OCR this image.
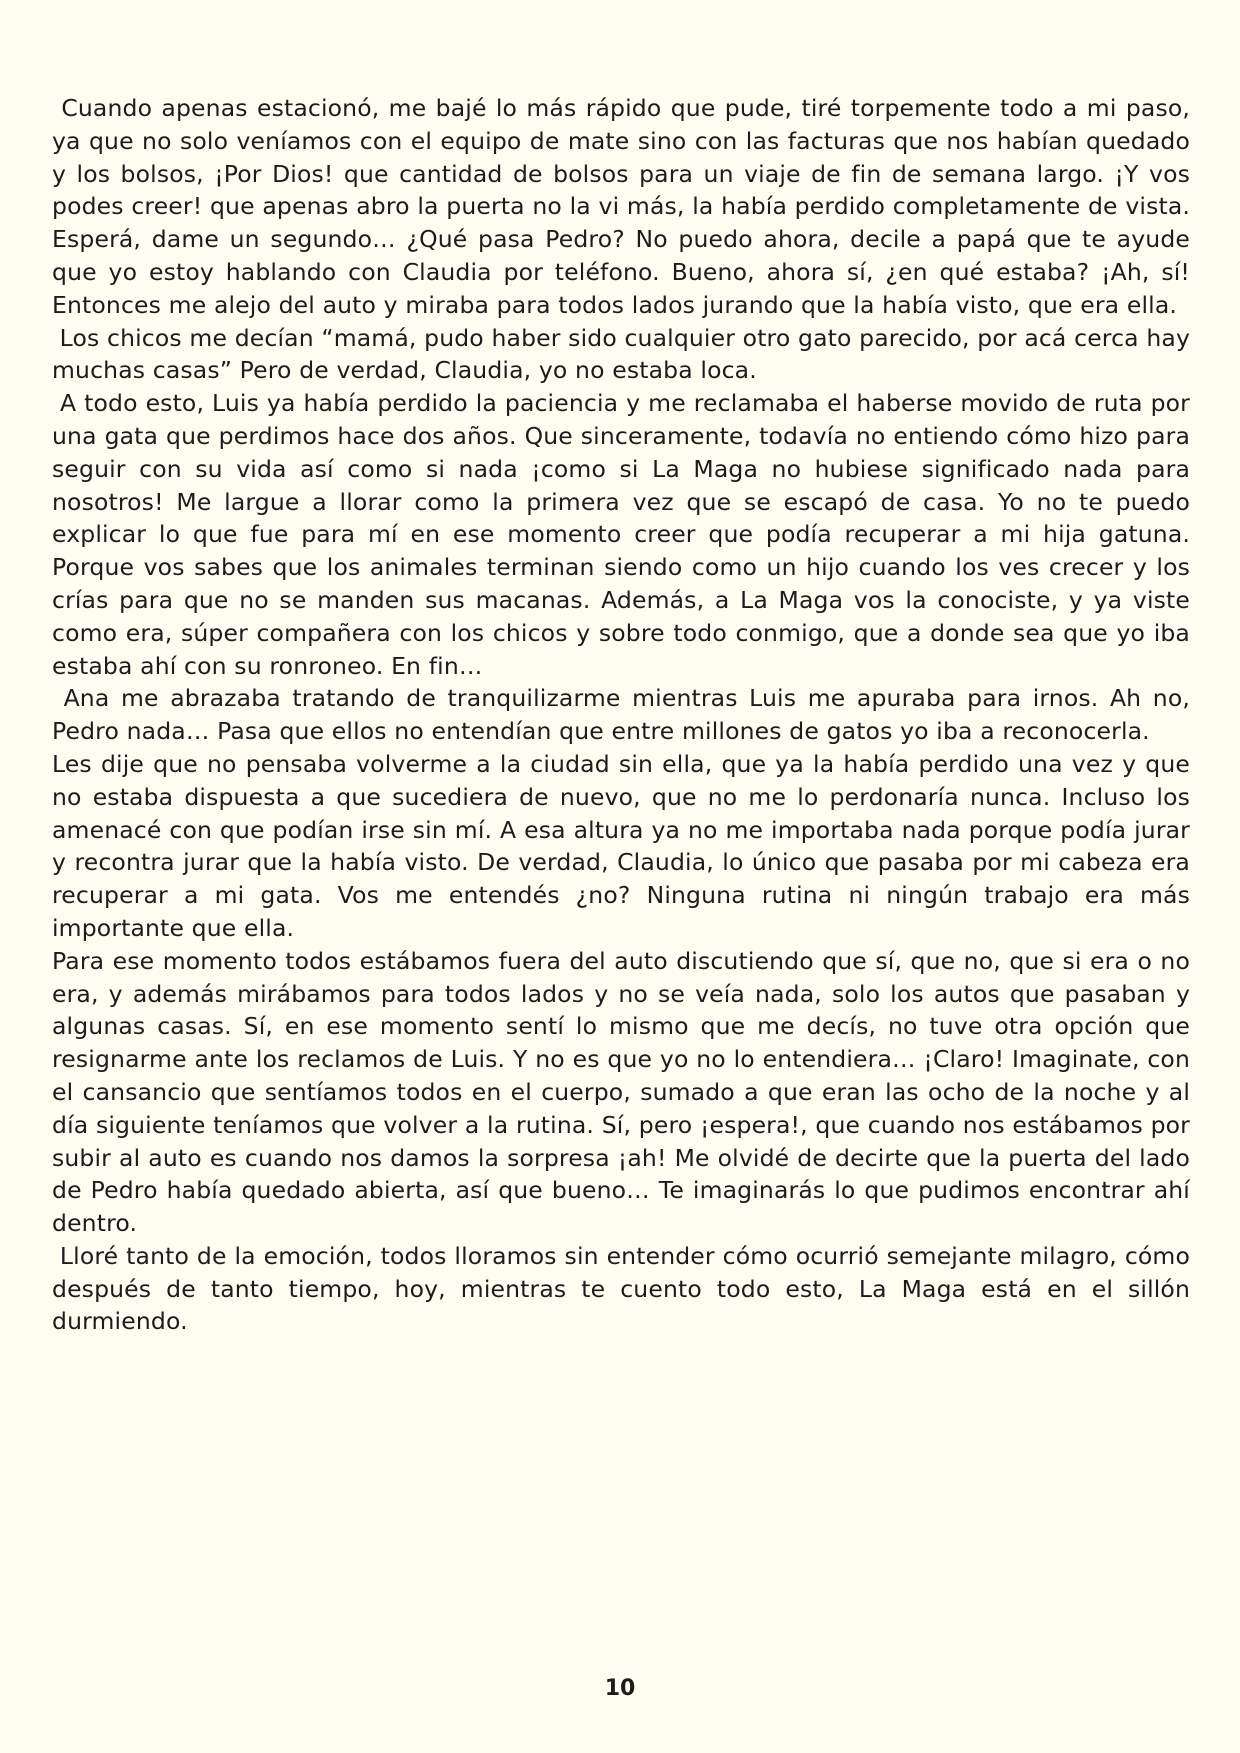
Cuando apenas estacionó, me bajé lo más rápido que pude, tiré torpemente todo a mi paso, ya que no solo veníamos con el equipo de mate sino con las facturas que nos habían quedado y los bolsos, ¡Por Dios! que cantidad de bolsos para un viaje de fin de semana largo. ¡Y vos podes creer! que apenas abro la puerta no la vi más, la había perdido completamente de vista. Esperá, dame un segundo… ¿Qué pasa Pedro? No puedo ahora, decile a papá que te ayude que yo estoy hablando con Claudia por teléfono. Bueno, ahora sí, ¿en qué estaba? ¡Ah, sí! Entonces me alejo del auto y miraba para todos lados jurando que la había visto, que era ella.

Los chicos me decían “mamá, pudo haber sido cualquier otro gato parecido, por acá cerca hay muchas casas” Pero de verdad, Claudia, yo no estaba loca.

A todo esto, Luis ya había perdido la paciencia y me reclamaba el haberse movido de ruta por una gata que perdimos hace dos años. Que sinceramente, todavía no entiendo cómo hizo para seguir con su vida así como si nada ¡como si La Maga no hubiese significado nada para nosotros! Me largue a llorar como la primera vez que se escapó de casa. Yo no te puedo explicar lo que fue para mí en ese momento creer que podía recuperar a mi hija gatuna. Porque vos sabes que los animales terminan siendo como un hijo cuando los ves crecer y los crías para que no se manden sus macanas. Además, a La Maga vos la conociste, y ya viste como era, súper compañera con los chicos y sobre todo conmigo, que a donde sea que yo iba estaba ahí con su ronroneo. En fin…

Ana me abrazaba tratando de tranquilizarme mientras Luis me apuraba para irnos. Ah no, Pedro nada… Pasa que ellos no entendían que entre millones de gatos yo iba a reconocerla.

Les dije que no pensaba volverme a la ciudad sin ella, que ya la había perdido una vez y que no estaba dispuesta a que sucediera de nuevo, que no me lo perdonaría nunca. Incluso los amenacé con que podían irse sin mí. A esa altura ya no me importaba nada porque podía jurar y recontra jurar que la había visto. De verdad, Claudia, lo único que pasaba por mi cabeza era recuperar a mi gata. Vos me entendés ¿no? Ninguna rutina ni ningún trabajo era más importante que ella.

Para ese momento todos estábamos fuera del auto discutiendo que sí, que no, que si era o no era, y además mirábamos para todos lados y no se veía nada, solo los autos que pasaban y algunas casas. Sí, en ese momento sentí lo mismo que me decís, no tuve otra opción que resignarme ante los reclamos de Luis. Y no es que yo no lo entendiera… ¡Claro! Imaginate, con el cansancio que sentíamos todos en el cuerpo, sumado a que eran las ocho de la noche y al día siguiente teníamos que volver a la rutina. Sí, pero ¡espera!, que cuando nos estábamos por subir al auto es cuando nos damos la sorpresa ¡ah! Me olvidé de decirte que la puerta del lado de Pedro había quedado abierta, así que bueno… Te imaginarás lo que pudimos encontrar ahí dentro.

Lloré tanto de la emoción, todos lloramos sin entender cómo ocurrió semejante milagro, cómo después de tanto tiempo, hoy, mientras te cuento todo esto, La Maga está en el sillón durmiendo.

10
